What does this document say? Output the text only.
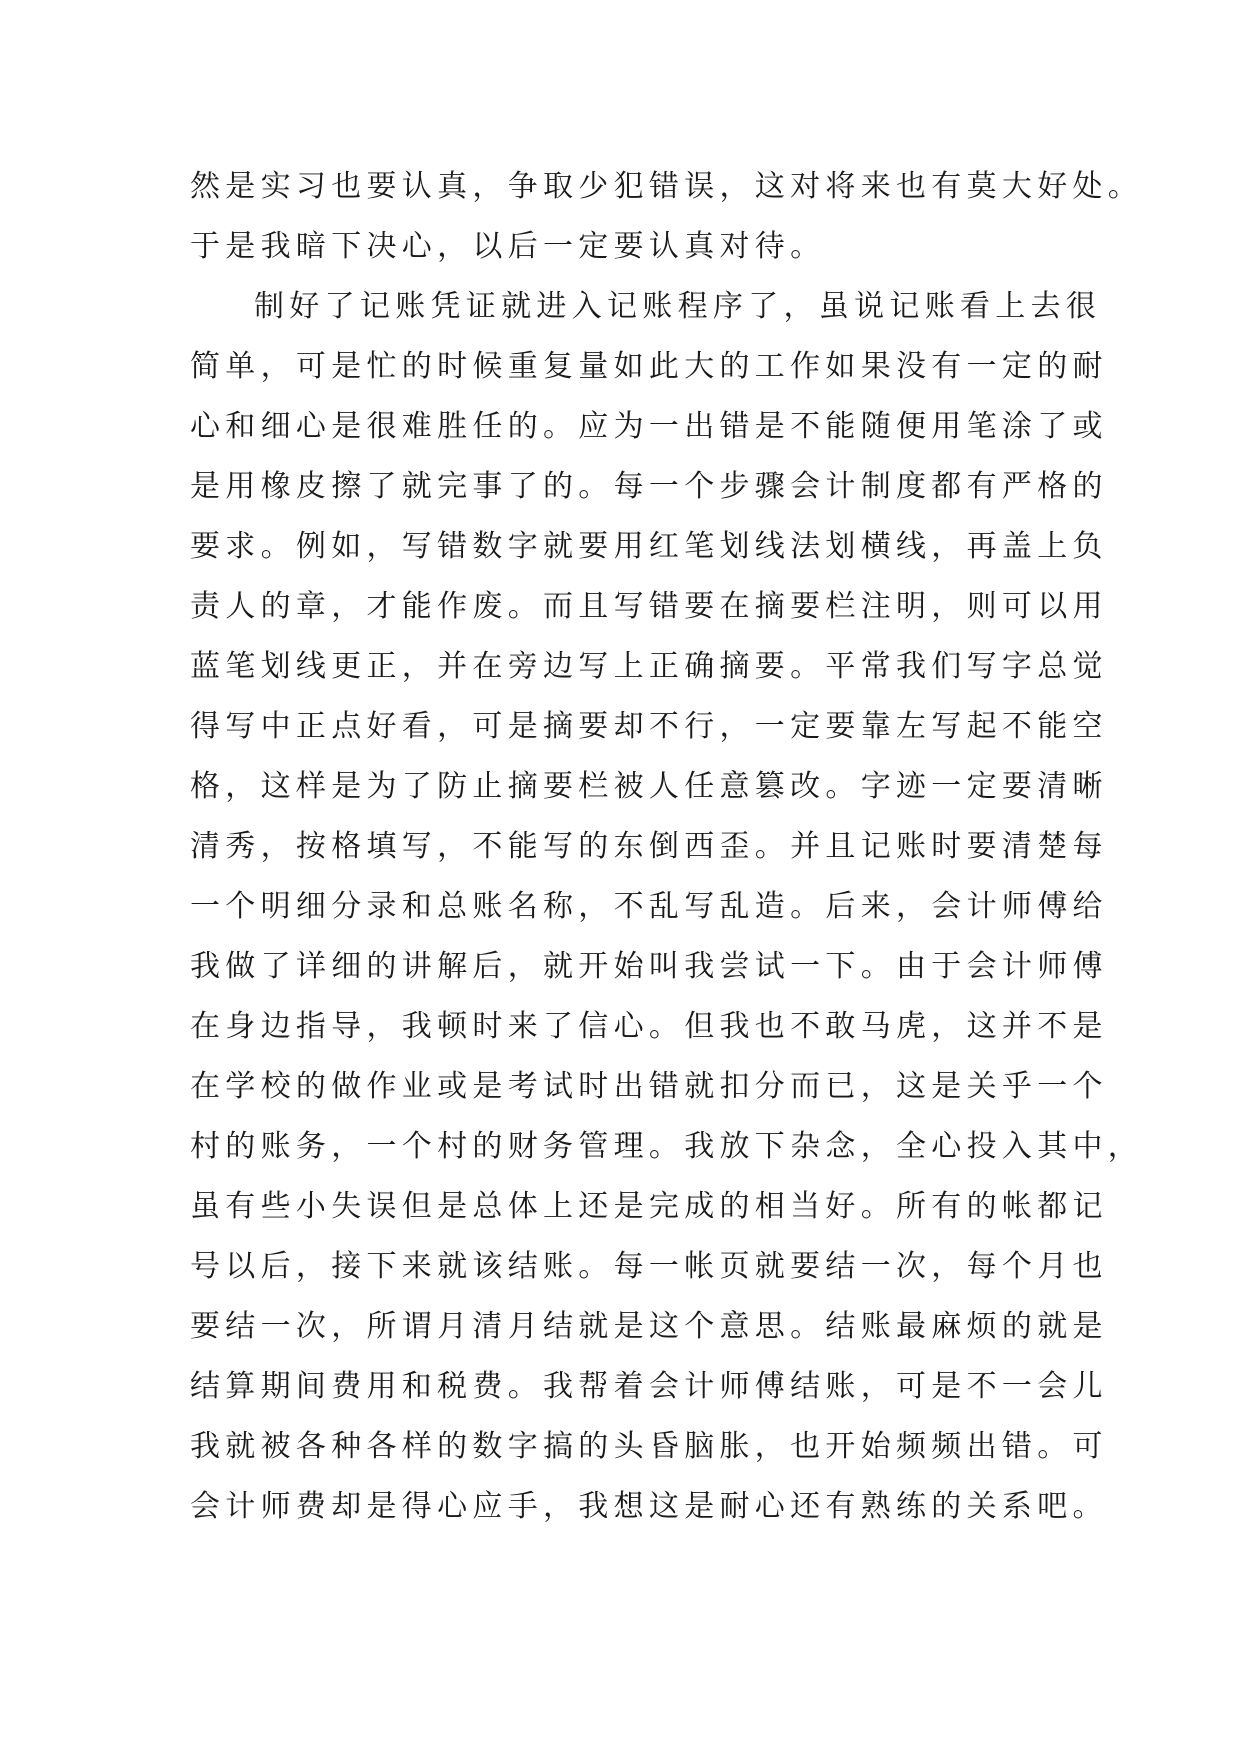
然是实习也要认真，争取少犯错误，这对将来也有莫大好处。
于是我暗下决心，以后一定要认真对待。
制好了记账凭证就进入记账程序了，虽说记账看上去很
简单，可是忙的时候重复量如此大的工作如果没有一定的耐
心和细心是很难胜任的。应为一出错是不能随便用笔涂了或
是用橡皮擦了就完事了的。每一个步骤会计制度都有严格的
要求。例如，写错数字就要用红笔划线法划横线，再盖上负
责人的章，才能作废。而且写错要在摘要栏注明，则可以用
蓝笔划线更正，并在旁边写上正确摘要。平常我们写字总觉
得写中正点好看，可是摘要却不行，一定要靠左写起不能空
格，这样是为了防止摘要栏被人任意篡改。字迹一定要清晰
清秀，按格填写，不能写的东倒西歪。并且记账时要清楚每
一个明细分录和总账名称，不乱写乱造。后来，会计师傅给
我做了详细的讲解后，就开始叫我尝试一下。由于会计师傅
在身边指导，我顿时来了信心。但我也不敢马虎，这并不是
在学校的做作业或是考试时出错就扣分而已，这是关乎一个
村的账务，一个村的财务管理。我放下杂念，全心投入其中，
虽有些小失误但是总体上还是完成的相当好。所有的帐都记
号以后，接下来就该结账。每一帐页就要结一次，每个月也
要结一次，所谓月清月结就是这个意思。结账最麻烦的就是
结算期间费用和税费。我帮着会计师傅结账，可是不一会儿
我就被各种各样的数字搞的头昏脑胀，也开始频频出错。可
会计师费却是得心应手，我想这是耐心还有熟练的关系吧。
